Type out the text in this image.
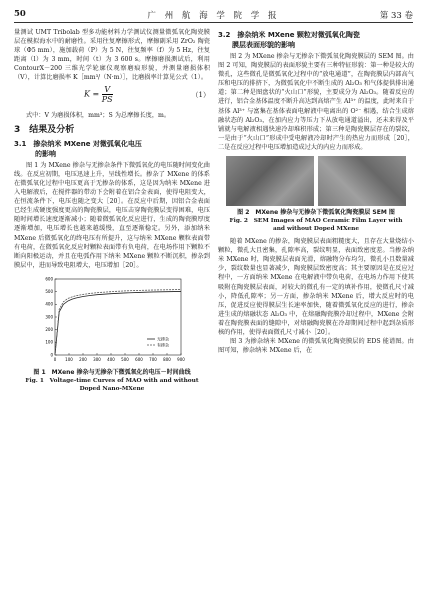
50	广 州 航 海 学 院 学 报	第 33 卷

量测试 UMT Tribolab 型多功能材料力学测试仪测量微弧氧化陶瓷膜层在模拟海水中的耐磨性。采用往复摩擦形式，摩擦副采用 ZrO₂ 陶瓷球（Φ5 mm），施加载荷（P）为 5 N，往复频率（f）为 5 Hz，往复距离（l）为 3 mm，时间（t）为 3 600 s。摩擦磨损测试后，利用 ContourX－200 三维光学轮廓仪观察磨痕形貌，并测量磨损体积（V），计算比磨损率 K［mm³/（N·m）］，比磨损率计算见公式（1）。

$K = \frac{V}{PS}$	（1）

式中：V 为磨损体积，mm³；S 为总摩擦长度，m。

3　结果及分析
3.1　掺杂纳米 MXene 对微弧氧化电压
　　　的影响

图 1 为 MXene 掺杂与无掺杂条件下微弧氧化的电压随时间变化曲线。在反应初期，电压迅速上升，呈线性增长。掺杂了 MXene 的体系在微弧氧化过程中电压更高于无掺杂的体系，这是因为纳米 MXene 进入电解液后，在搅拌器的带动下会附着在铝合金表面，使得电阻变大，在恒流条件下，电压也随之变大［20］。在反应中后期，因铝合金表面已经生成硬度强度更高的陶瓷膜层，电压击穿陶瓷膜层变得困难，电压随时间增长速度逐渐减小；随着微弧氧化反应进行，生成的陶瓷膜厚度逐渐增加，电压增长也越来越缓慢，直至逐渐稳定。另外，添加纳米 MXene 后微弧氧化的终电压有所提升，这与纳米 MXene 颗粒表面带有电荷，在微弧氧化反应时颗粒表面带有负电荷，在电场作用下颗粒不断向阳极运动，并且在电弧作用下纳米 MXene 颗粒不断沉积，掺杂到膜层中，进而导致电阻增大，电压增加［20］。

0 100 200 300 400 500 600 700 800 900
0
100
200
300
400
500
600
无掺杂
有掺杂
图 1　MXene 掺杂与无掺杂下微弧氧化的电压－时间曲线
Fig. 1　Voltage-time Curves of MAO with and without
Doped Nano-MXene
3.2　掺杂纳米 MXene 颗粒对微弧氧化陶瓷
　　膜层表面形貌的影响

图 2 为 MXene 掺杂与无掺杂下微弧氧化陶瓷膜层的 SEM 图。由图 2 可知，陶瓷膜层的表面形貌主要有三种特征形貌：第一种是较大的微孔，这些微孔是微弧氧化过程中的“放电通道”，在陶瓷膜层内部高气压和电压的排挤下，为微弧氧化中不断生成的 Al₂O₃ 和气体提供排出通道；第二种是图盘状的“火山口”形貌，主要成分为 Al₂O₃。随着反应的进行，铝合金基体温度不断升高达到高熔产生 Al³⁺ 的温度，此时来自于基体 Al³⁺ 与富集在基体表面电解液中电离出的 O²⁻ 相遇，结合生成熔融状态的 Al₂O₃，在加内应力等压力下从放电通道溢出，还未来得及平铺就与电解液相遇快速冷却堆积形成；第三种是陶瓷膜层存在的裂纹，一是由于“火山口”形成中受电解液冷却时产生的热应力而形成［20］，二是在反应过程中电压增加造成过大的内应力而形成。

图 2　MXene 掺杂与无掺杂下微弧氧化陶瓷膜层 SEM 图
Fig. 2　SEM Images of MAO Ceramic Film Layer with
and without Doped MXene

随着 MXene 的掺杂，陶瓷膜层表面粗糙度大，且存在大量烧结小颗粒，微孔大且密集，孔隙率高，裂纹明显，表面致密度差。当掺杂纳米 MXene 时，陶瓷膜层表面光滑，熔融物分布均匀，微孔小且数量减少，裂纹数量也显著减少，陶瓷膜层致密度高；其主要原因是在反应过程中，一方面纳米 MXene 在电解液中带负电荷，在电场力作用下使其吸附在陶瓷膜层表面，对较大的微孔有一定的填补作用，使微孔尺寸减小，降低孔隙率；另一方面，掺杂纳米 MXene 后，增大反应时的电压，促进反应使得膜层生长速率加快，随着微弧氧化反应的进行，掺杂进生成的熔融状态 Al₂O₃ 中，在熔融陶瓷膜冷却过程中，MXene 会附着在陶瓷膜表面的缝隙中，对熔融陶瓷膜在冷却期间过程中起到杂质形核的作用，使得表面微孔尺寸减小［20］。

图 3 为掺杂纳米 MXene 的微弧氧化陶瓷膜层的 EDS 能谱图。由图可知，掺杂纳米 MXene 后，在
